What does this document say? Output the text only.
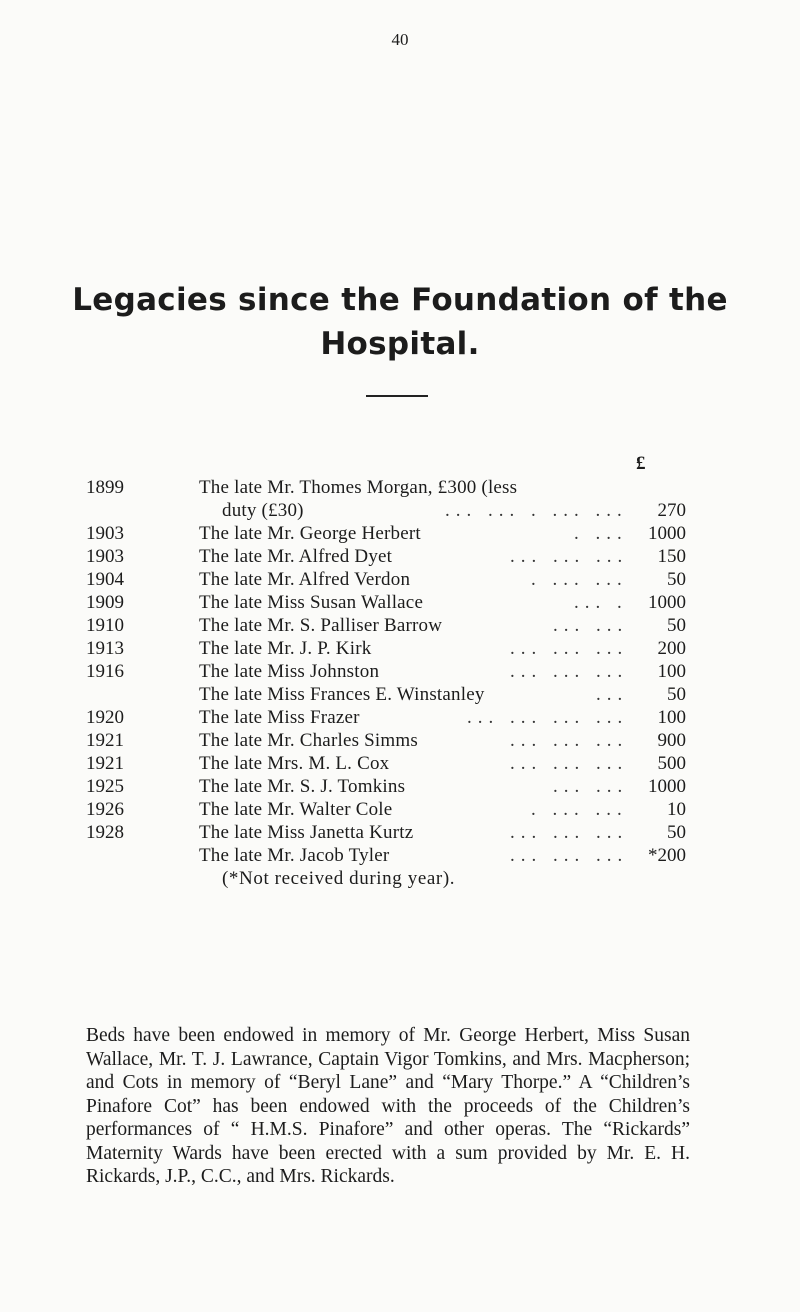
40
Legacies since the Foundation of the
Hospital.
£
1899	The late Mr. Thomes Morgan, £300 (less
duty (£30)	... ... . ... ... 270
1903	The late Mr. George Herbert	. ... 1000
1903	The late Mr. Alfred Dyet	... ... ... 150
1904	The late Mr. Alfred Verdon	. ... ... 50
1909	The late Miss Susan Wallace	... . 1000
1910	The late Mr. S. Palliser Barrow	... ... 50
1913	The late Mr. J. P. Kirk	... ... ... 200
1916	The late Miss Johnston	... ... ... 100
The late Miss Frances E. Winstanley	... 50
1920	The late Miss Frazer	... ... ... ... 100
1921	The late Mr. Charles Simms	... ... ... 900
1921	The late Mrs. M. L. Cox	... ... ... 500
1925	The late Mr. S. J. Tomkins	... ... 1000
1926	The late Mr. Walter Cole	. ... ... 10
1928	The late Miss Janetta Kurtz	... ... ... 50
The late Mr. Jacob Tyler	... ... ... *200
(*Not received during year).

Beds have been endowed in memory of Mr. George Herbert, Miss Susan Wallace, Mr. T. J. Lawrance, Captain Vigor Tomkins, and Mrs. Macpherson; and Cots in memory of “Beryl Lane” and “Mary Thorpe.” A “Children’s Pinafore Cot” has been endowed with the proceeds of the Children’s performances of “ H.M.S. Pinafore” and other operas. The “Rickards” Maternity Wards have been erected with a sum provided by Mr. E. H. Rickards, J.P., C.C., and Mrs. Rickards.
